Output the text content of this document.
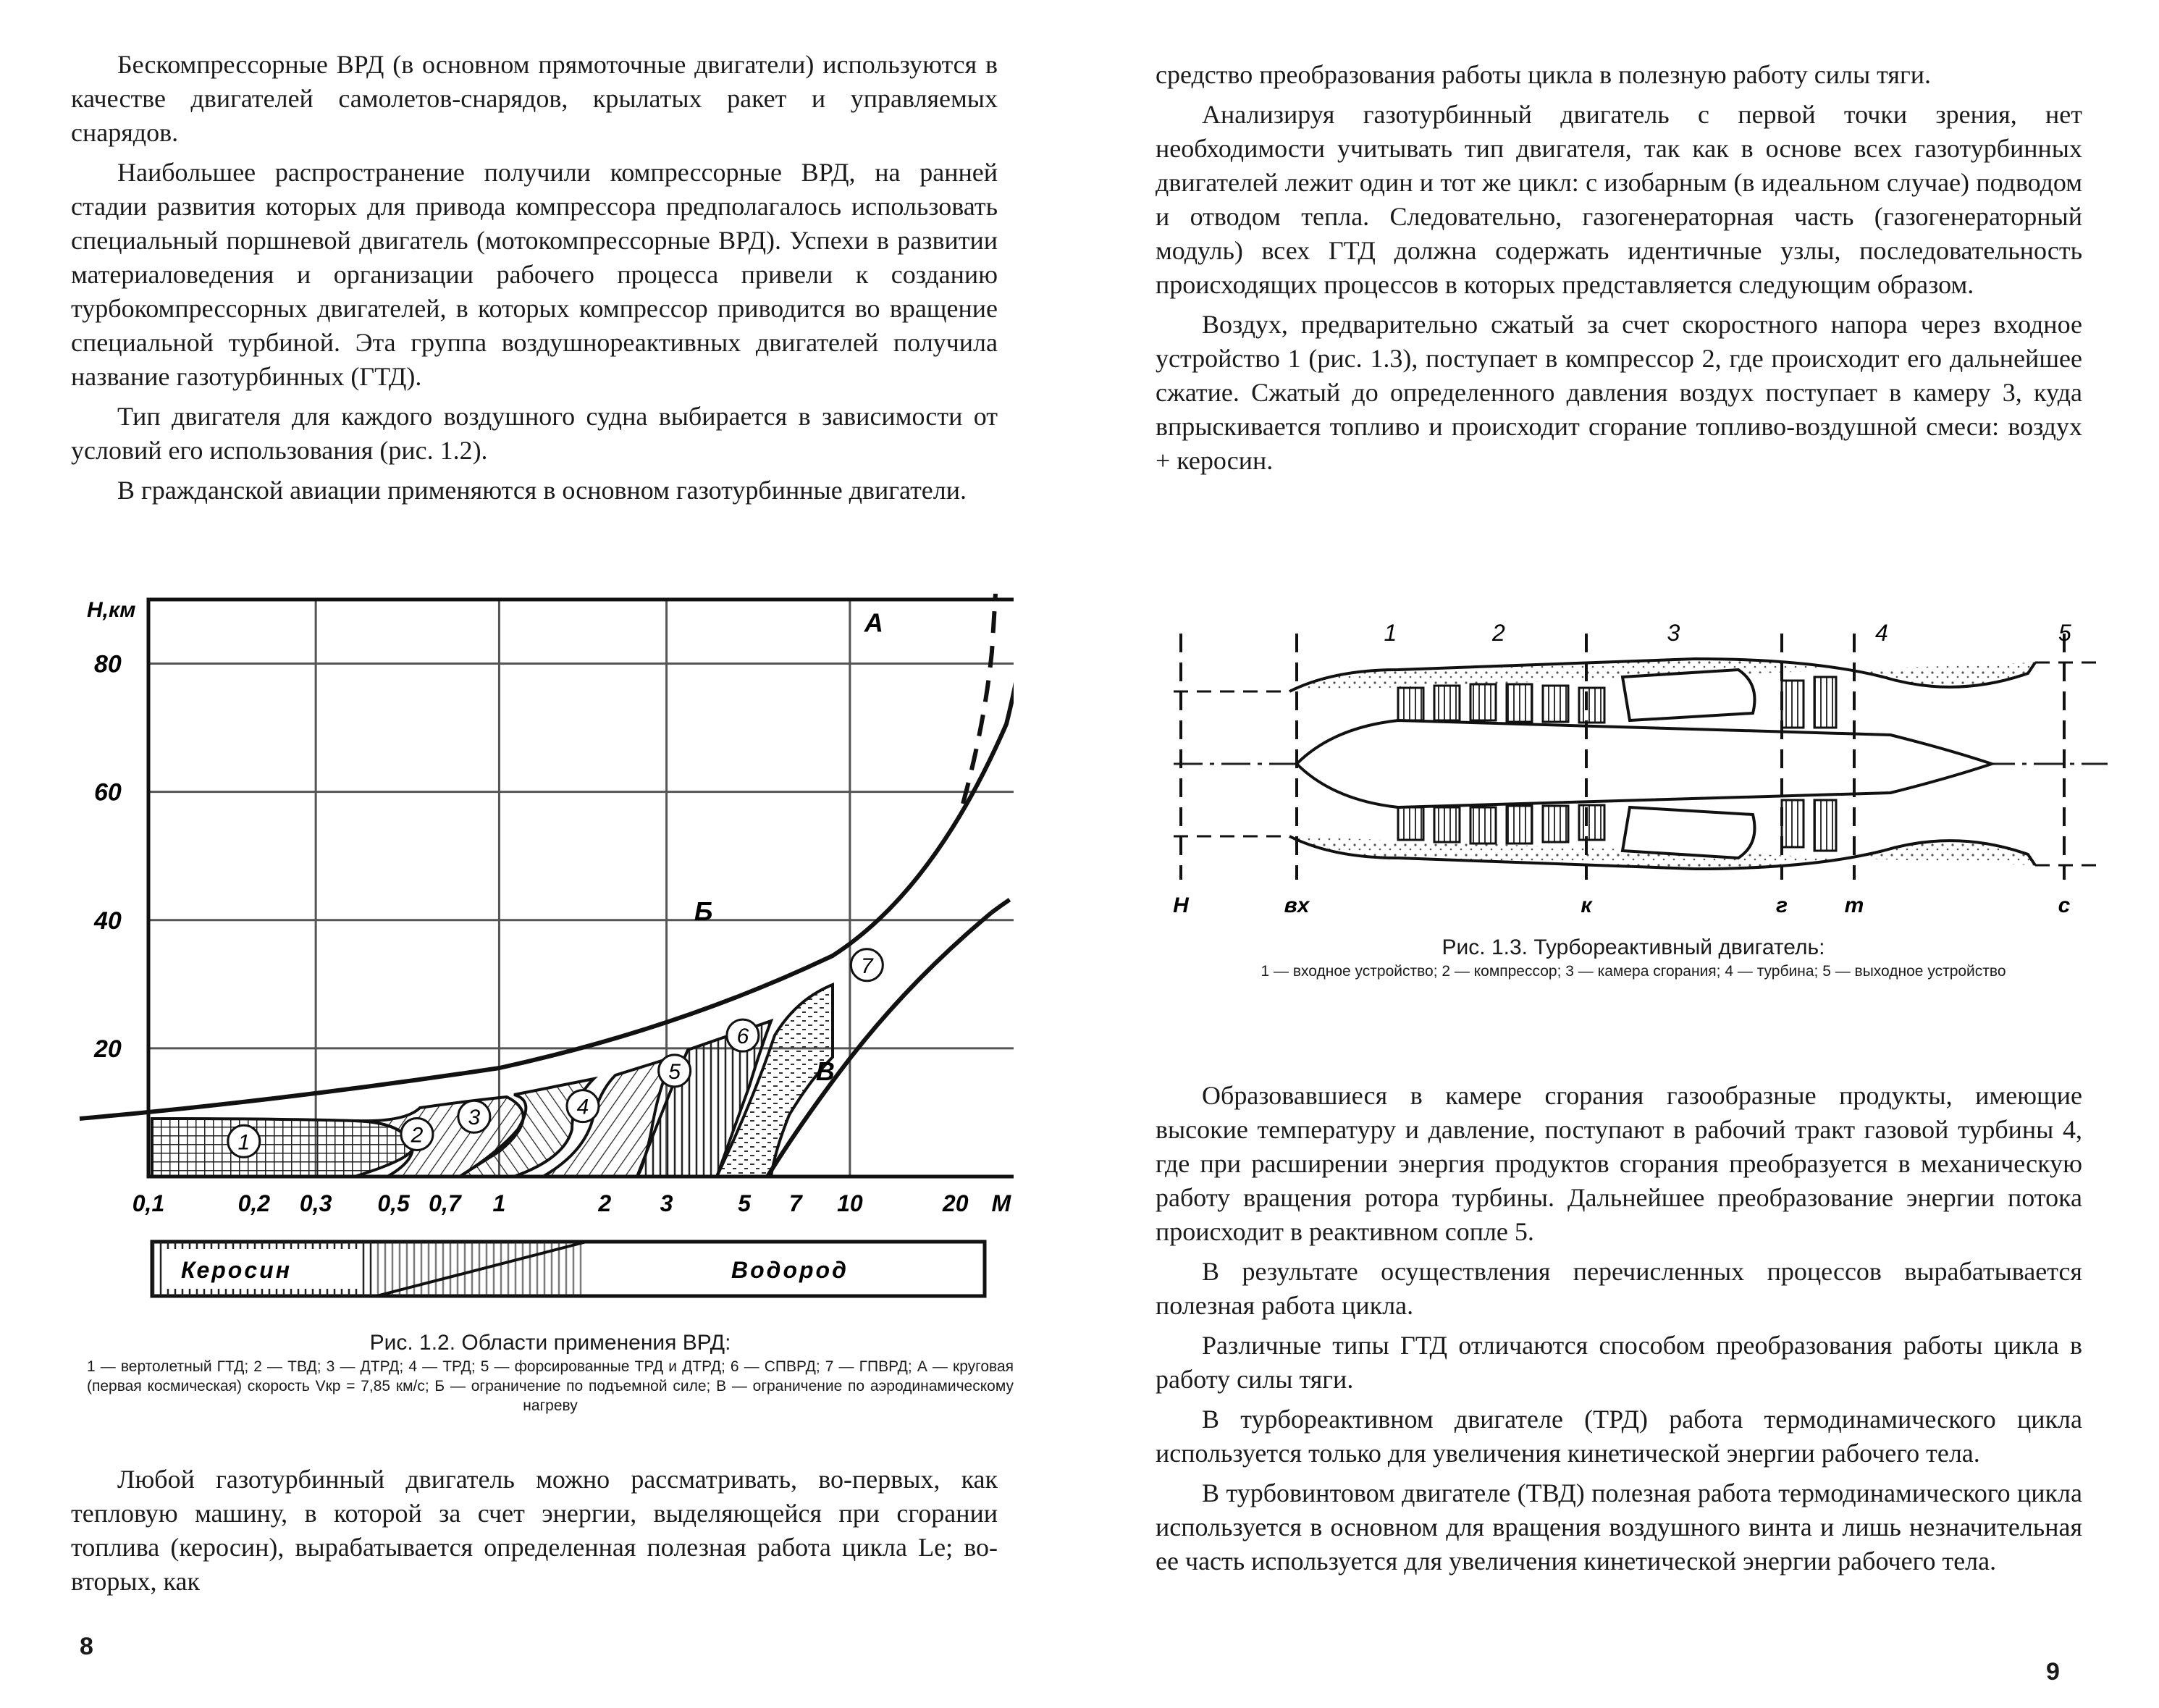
Бескомпрессорные ВРД (в основном прямоточные двигатели) используются в качестве двигателей самолетов-снарядов, крылатых ракет и управляемых снарядов.

Наибольшее распространение получили компрессорные ВРД, на ранней стадии развития которых для привода компрессора предполагалось использовать специальный поршневой двигатель (мотокомпрессорные ВРД). Успехи в развитии материаловедения и организации рабочего процесса привели к созданию турбокомпрессорных двигателей, в которых компрессор приводится во вращение специальной турбиной. Эта группа воздушнореактивных двигателей получила название газотурбинных (ГТД).

Тип двигателя для каждого воздушного судна выбирается в зависимости от условий его использования (рис. 1.2).

В гражданской авиации применяются в основном газотурбинные двигатели.

20
40
60
80
0,1	0,2 0,3 0,5 0,7 1	2 3	5 7 10	20 М
1	2
3	4
5
6
7
А
Б
В
Н,км
Керосин	Водород
Рис. 1.2. Области применения ВРД:
1 — вертолетный ГТД; 2 — ТВД; 3 — ДТРД; 4 — ТРД; 5 — форсированные ТРД и ДТРД; 6 — СПВРД; 7 — ГПВРД; А — круговая (первая космическая) скорость Vкр = 7,85 км/с; Б — ограничение по подъемной силе; В — ограничение по аэродинамическому нагреву

Любой газотурбинный двигатель можно рассматривать, во-первых, как тепловую машину, в которой за счет энергии, выделяющейся при сгорании топлива (керосин), вырабатывается определенная полезная работа цикла Lе; во-вторых, как

8

средство преобразования работы цикла в полезную работу силы тяги.

Анализируя газотурбинный двигатель с первой точки зрения, нет необходимости учитывать тип двигателя, так как в основе всех газотурбинных двигателей лежит один и тот же цикл: с изобарным (в идеальном случае) подводом и отводом тепла. Следовательно, газогенераторная часть (газогенераторный модуль) всех ГТД должна содержать идентичные узлы, последовательность происходящих процессов в которых представляется следующим образом.

Воздух, предварительно сжатый за счет скоростного напора через входное устройство 1 (рис. 1.3), поступает в компрессор 2, где происходит его дальнейшее сжатие. Сжатый до определенного давления воздух поступает в камеру 3, куда впрыскивается топливо и происходит сгорание топливо-воздушной смеси: воздух + керосин.

1	2	3	4	5
Н	вх	к	г	т	с
Рис. 1.3. Турбореактивный двигатель:
1 — входное устройство; 2 — компрессор; 3 — камера сгорания; 4 — турбина; 5 — выходное устройство

Образовавшиеся в камере сгорания газообразные продукты, имеющие высокие температуру и давление, поступают в рабочий тракт газовой турбины 4, где при расширении энергия продуктов сгорания преобразуется в механическую работу вращения ротора турбины. Дальнейшее преобразование энергии потока происходит в реактивном сопле 5.

В результате осуществления перечисленных процессов вырабатывается полезная работа цикла.

Различные типы ГТД отличаются способом преобразования работы цикла в работу силы тяги.

В турбореактивном двигателе (ТРД) работа термодинамического цикла используется только для увеличения кинетической энергии рабочего тела.

В турбовинтовом двигателе (ТВД) полезная работа термодинамического цикла используется в основном для вращения воздушного винта и лишь незначительная ее часть используется для увеличения кинетической энергии рабочего тела.

9
